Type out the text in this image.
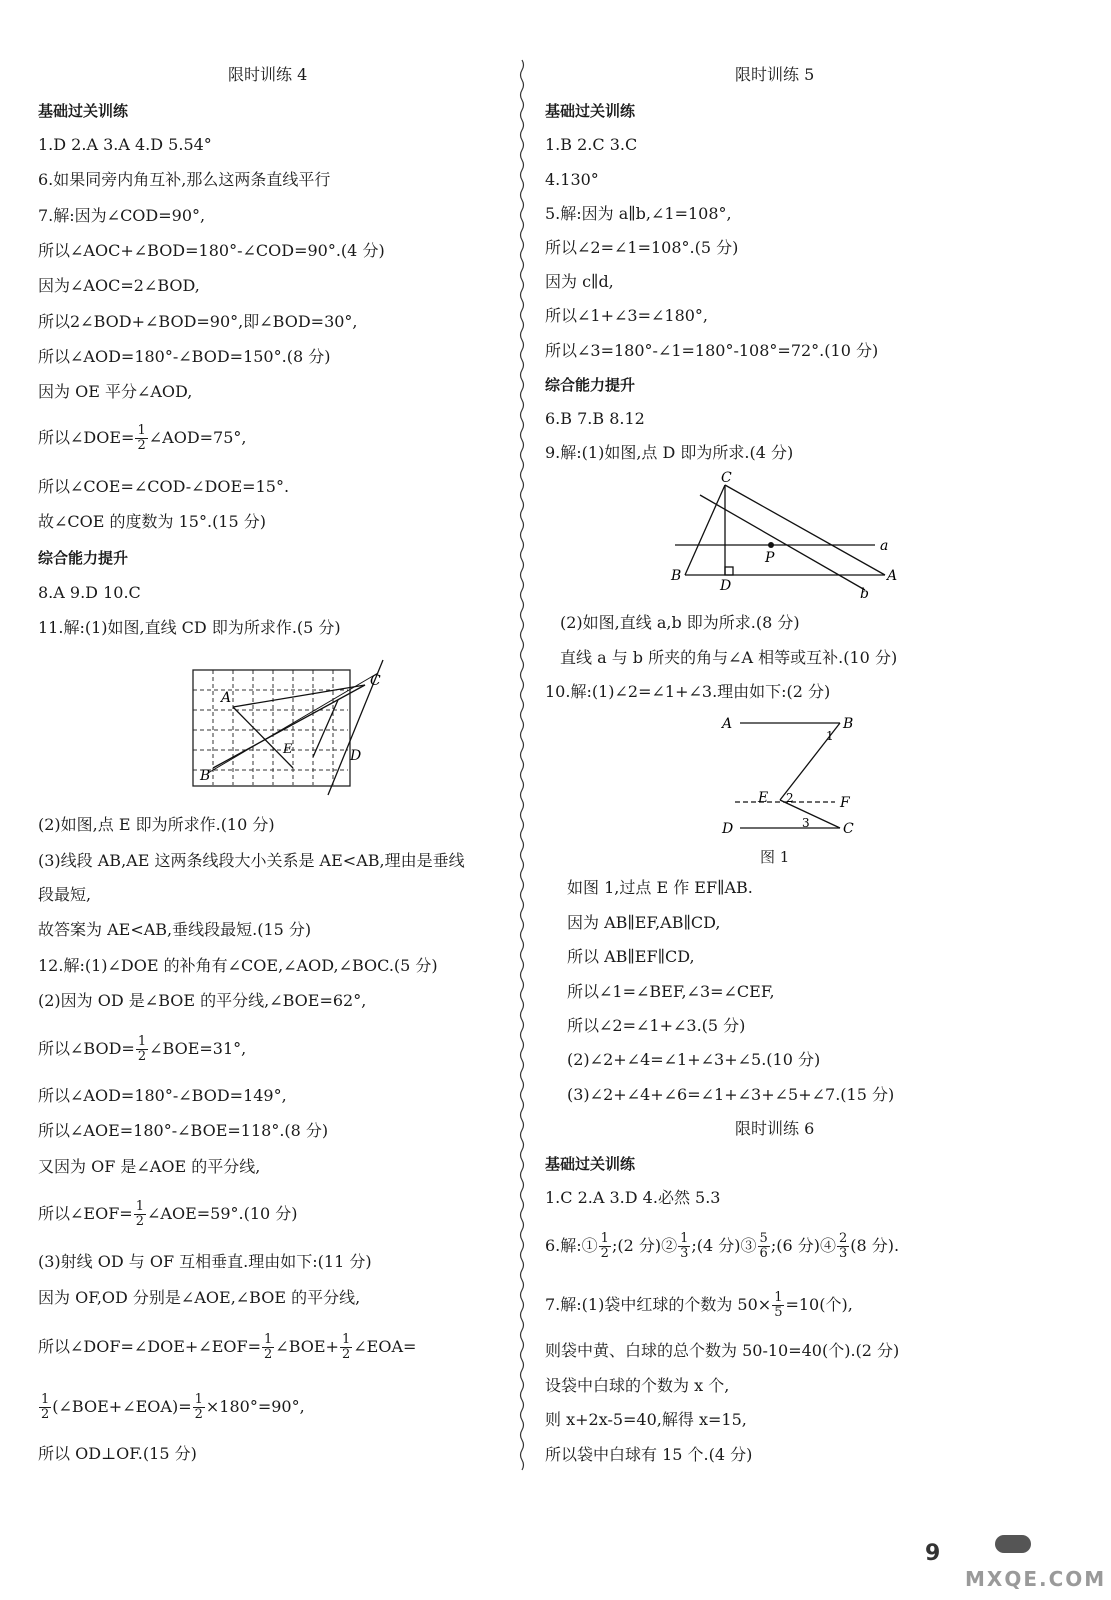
限时训练 4
基础过关训练
1.D 2.A 3.A 4.D 5.54°
6.如果同旁内角互补,那么这两条直线平行
7.解:因为∠COD=90°,
所以∠AOC+∠BOD=180°-∠COD=90°.(4 分)
因为∠AOC=2∠BOD,
所以2∠BOD+∠BOD=90°,即∠BOD=30°,
所以∠AOD=180°-∠BOD=150°.(8 分)
因为 OE 平分∠AOD,
所以∠DOE= $\frac{1}{2}$ ∠AOD=75°,
所以∠COE=∠COD-∠DOE=15°.
故∠COE 的度数为 15°.(15 分)
综合能力提升
8.A 9.D 10.C
11.解:(1)如图,直线 CD 即为所求作.(5 分)
A
B
C
D
E
(2)如图,点 E 即为所求作.(10 分)
(3)线段 AB,AE 这两条线段大小关系是 AE<AB,理由是垂线
段最短,
故答案为 AE<AB,垂线段最短.(15 分)
12.解:(1)∠DOE 的补角有∠COE,∠AOD,∠BOC.(5 分)
(2)因为 OD 是∠BOE 的平分线,∠BOE=62°,
所以∠BOD= $\frac{1}{2}$ ∠BOE=31°,
所以∠AOD=180°-∠BOD=149°,
所以∠AOE=180°-∠BOE=118°.(8 分)
又因为 OF 是∠AOE 的平分线,
所以∠EOF= $\frac{1}{2}$ ∠AOE=59°.(10 分)
(3)射线 OD 与 OF 互相垂直.理由如下:(11 分)
因为 OF,OD 分别是∠AOE,∠BOE 的平分线,
所以∠DOF=∠DOE+∠EOF= $\frac{1}{2}$ ∠BOE+ $\frac{1}{2}$ ∠EOA=
$\frac{1}{2}$ (∠BOE+∠EOA)= $\frac{1}{2} \times 180^\circ=90^\circ$,
所以 OD⊥OF.(15 分)
限时训练 5
基础过关训练
1.B 2.C 3.C
4.130°
5.解:因为 a∥b,∠1=108°,
所以∠2=∠1=108°.(5 分)
因为 c∥d,
所以∠1+∠3=∠180°,
所以∠3=180°-∠1=180°-108°=72°.(10 分)
综合能力提升
6.B 7.B 8.12
9.解:(1)如图,点 D 即为所求.(4 分)
C
P
a
B
D
A
b
(2)如图,直线 a,b 即为所求.(8 分)
直线 a 与 b 所夹的角与∠A 相等或互补.(10 分)
10.解:(1)∠2=∠1+∠3.理由如下:(2 分)
A	B
1
E 2	F
D	3 C
图 1
如图 1,过点 E 作 EF∥AB.
因为 AB∥EF,AB∥CD,
所以 AB∥EF∥CD,
所以∠1=∠BEF,∠3=∠CEF,
所以∠2=∠1+∠3.(5 分)
(2)∠2+∠4=∠1+∠3+∠5.(10 分)
(3)∠2+∠4+∠6=∠1+∠3+∠5+∠7.(15 分)
限时训练 6
基础过关训练
1.C 2.A 3.D 4.必然 5.3
6.解:① $\frac{1}{2}$ ;(2 分)② $\frac{1}{3}$ ;(4 分)③ $\frac{5}{6}$ ;(6 分)④ $\frac{2}{3} (8$ 分).
7.解:(1)袋中红球的个数为 $50\times \frac{1}{5} =10$(个),
则袋中黄、白球的总个数为 50-10=40(个).(2 分)
设袋中白球的个数为 x 个,
则 x+2x-5=40,解得 x=15,
所以袋中白球有 15 个.(4 分)
9
MXQE.COM
